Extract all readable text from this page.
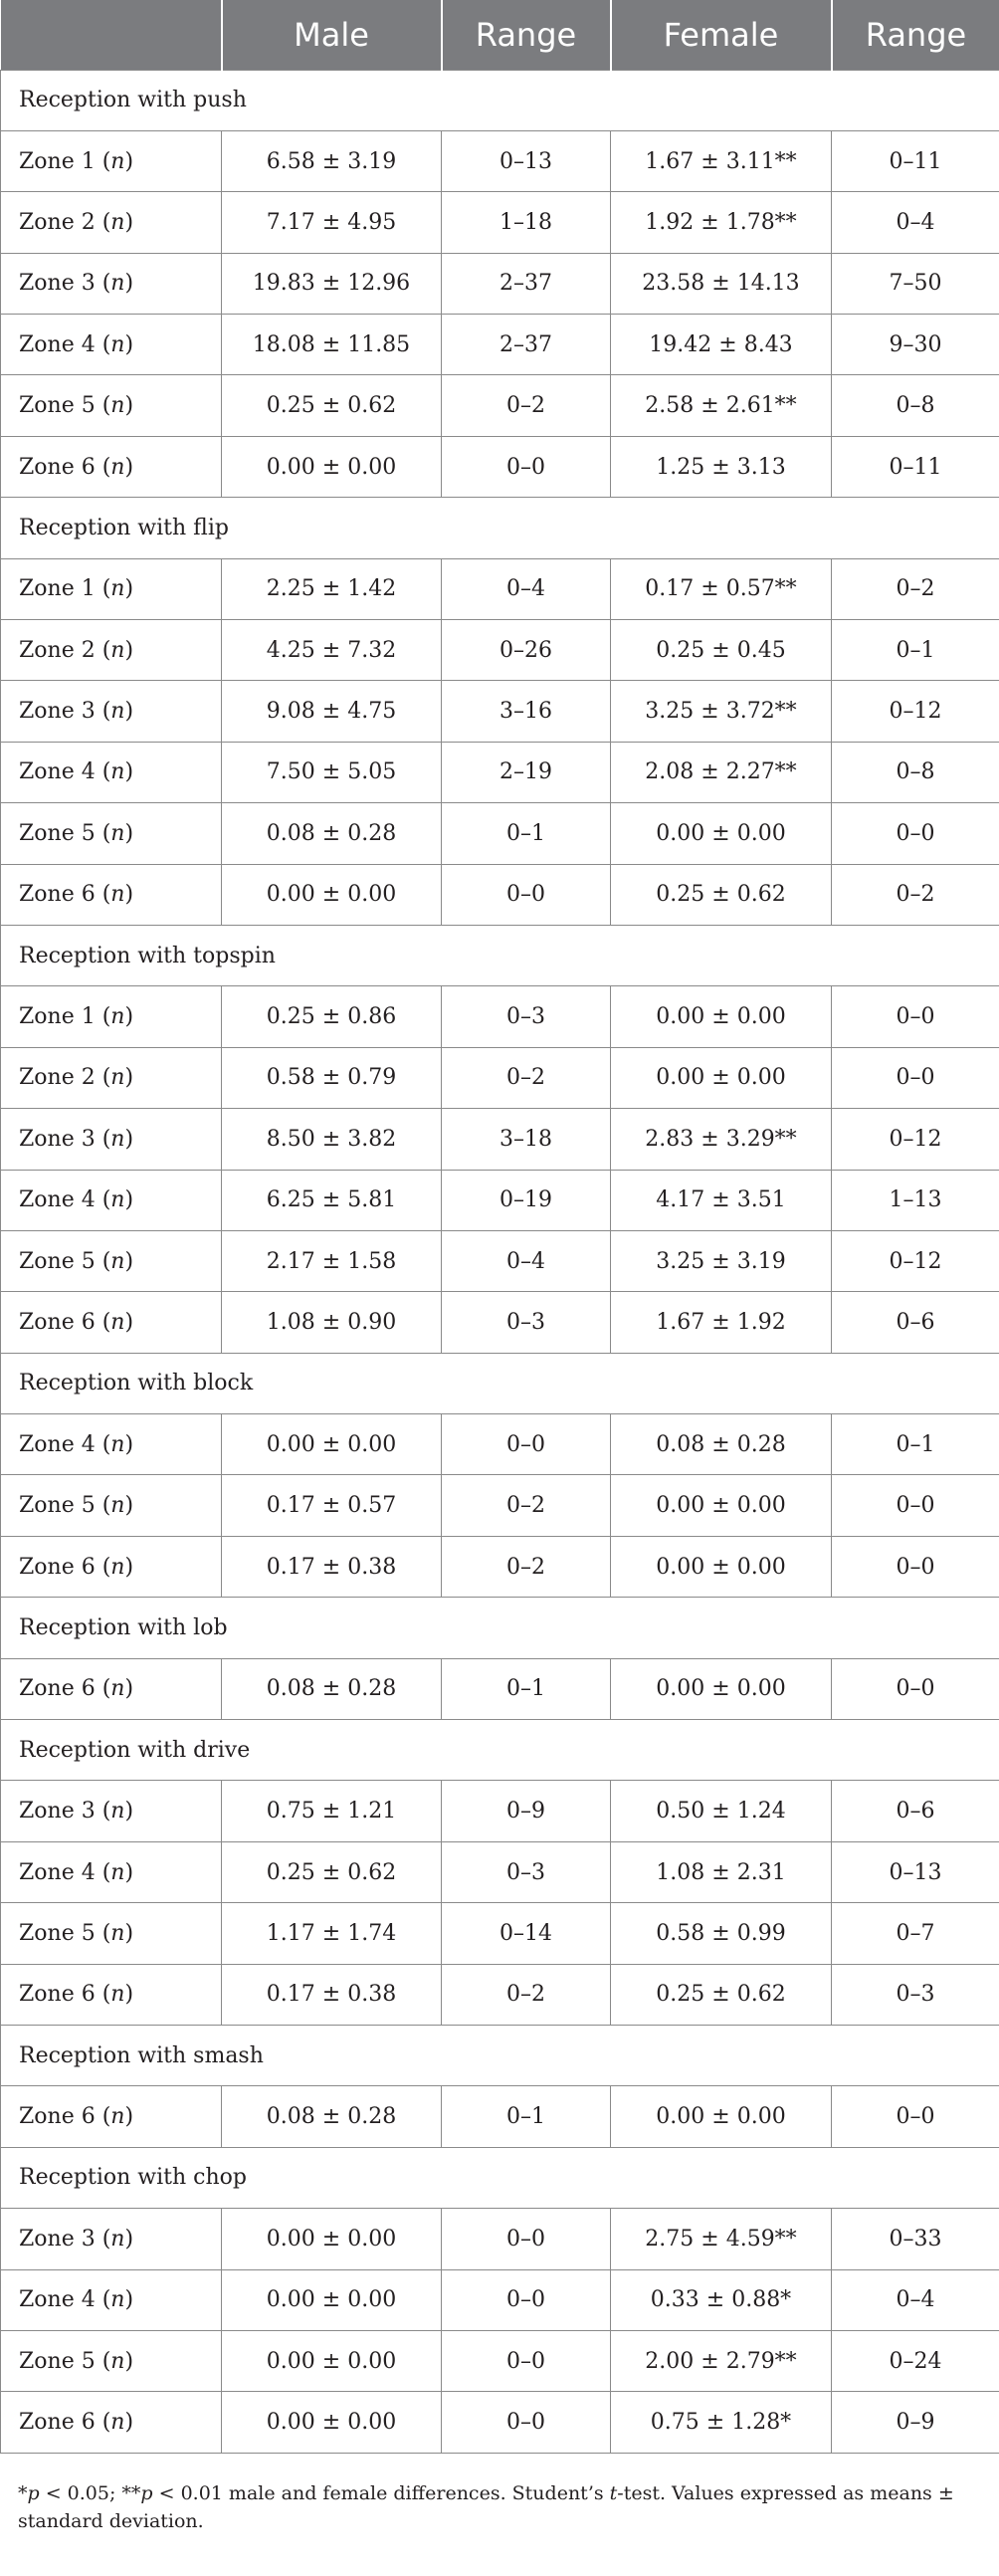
	Male	Range	Female	Range
Reception with push				
Zone 1 (n)	6.58 ± 3.19	0–13	1.67 ± 3.11**	0–11
Zone 2 (n)	7.17 ± 4.95	1–18	1.92 ± 1.78**	0–4
Zone 3 (n)	19.83 ± 12.96	2–37	23.58 ± 14.13	7–50
Zone 4 (n)	18.08 ± 11.85	2–37	19.42 ± 8.43	9–30
Zone 5 (n)	0.25 ± 0.62	0–2	2.58 ± 2.61**	0–8
Zone 6 (n)	0.00 ± 0.00	0–0	1.25 ± 3.13	0–11
Reception with flip				
Zone 1 (n)	2.25 ± 1.42	0–4	0.17 ± 0.57**	0–2
Zone 2 (n)	4.25 ± 7.32	0–26	0.25 ± 0.45	0–1
Zone 3 (n)	9.08 ± 4.75	3–16	3.25 ± 3.72**	0–12
Zone 4 (n)	7.50 ± 5.05	2–19	2.08 ± 2.27**	0–8
Zone 5 (n)	0.08 ± 0.28	0–1	0.00 ± 0.00	0–0
Zone 6 (n)	0.00 ± 0.00	0–0	0.25 ± 0.62	0–2
Reception with topspin				
Zone 1 (n)	0.25 ± 0.86	0–3	0.00 ± 0.00	0–0
Zone 2 (n)	0.58 ± 0.79	0–2	0.00 ± 0.00	0–0
Zone 3 (n)	8.50 ± 3.82	3–18	2.83 ± 3.29**	0–12
Zone 4 (n)	6.25 ± 5.81	0–19	4.17 ± 3.51	1–13
Zone 5 (n)	2.17 ± 1.58	0–4	3.25 ± 3.19	0–12
Zone 6 (n)	1.08 ± 0.90	0–3	1.67 ± 1.92	0–6
Reception with block				
Zone 4 (n)	0.00 ± 0.00	0–0	0.08 ± 0.28	0–1
Zone 5 (n)	0.17 ± 0.57	0–2	0.00 ± 0.00	0–0
Zone 6 (n)	0.17 ± 0.38	0–2	0.00 ± 0.00	0–0
Reception with lob				
Zone 6 (n)	0.08 ± 0.28	0–1	0.00 ± 0.00	0–0
Reception with drive				
Zone 3 (n)	0.75 ± 1.21	0–9	0.50 ± 1.24	0–6
Zone 4 (n)	0.25 ± 0.62	0–3	1.08 ± 2.31	0–13
Zone 5 (n)	1.17 ± 1.74	0–14	0.58 ± 0.99	0–7
Zone 6 (n)	0.17 ± 0.38	0–2	0.25 ± 0.62	0–3
Reception with smash				
Zone 6 (n)	0.08 ± 0.28	0–1	0.00 ± 0.00	0–0
Reception with chop				
Zone 3 (n)	0.00 ± 0.00	0–0	2.75 ± 4.59**	0–33
Zone 4 (n)	0.00 ± 0.00	0–0	0.33 ± 0.88*	0–4
Zone 5 (n)	0.00 ± 0.00	0–0	2.00 ± 2.79**	0–24
Zone 6 (n)	0.00 ± 0.00	0–0	0.75 ± 1.28*	0–9
*p < 0.05; **p < 0.01 male and female differences. Student’s t-test. Values expressed as means ± standard deviation.
